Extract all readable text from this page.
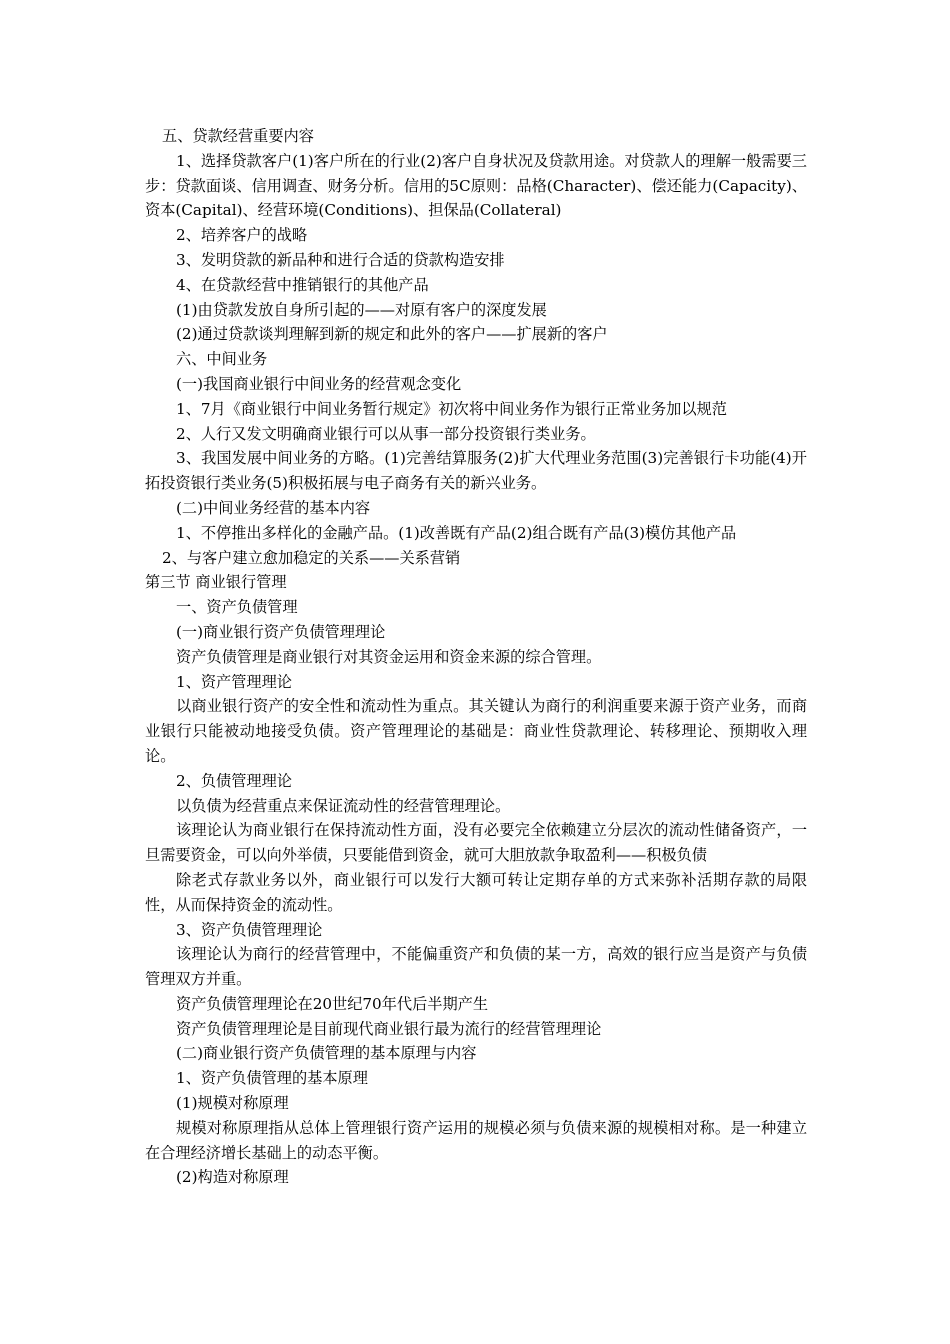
五、贷款经营重要内容

1、选择贷款客户(1)客户所在的行业(2)客户自身状况及贷款用途。对贷款人的理解一般需要三步：贷款面谈、信用调查、财务分析。信用的5C原则：品格(Character)、偿还能力(Capacity)、资本(Capital)、经营环境(Conditions)、担保品(Collateral)

2、培养客户的战略

3、发明贷款的新品种和进行合适的贷款构造安排

4、在贷款经营中推销银行的其他产品

(1)由贷款发放自身所引起的——对原有客户的深度发展

(2)通过贷款谈判理解到新的规定和此外的客户——扩展新的客户

六、中间业务

(一)我国商业银行中间业务的经营观念变化

1、7月《商业银行中间业务暂行规定》初次将中间业务作为银行正常业务加以规范

2、人行又发文明确商业银行可以从事一部分投资银行类业务。

3、我国发展中间业务的方略。(1)完善结算服务(2)扩大代理业务范围(3)完善银行卡功能(4)开拓投资银行类业务(5)积极拓展与电子商务有关的新兴业务。

(二)中间业务经营的基本内容

1、不停推出多样化的金融产品。(1)改善既有产品(2)组合既有产品(3)模仿其他产品

2、与客户建立愈加稳定的关系——关系营销

第三节 商业银行管理

一、资产负债管理

(一)商业银行资产负债管理理论

资产负债管理是商业银行对其资金运用和资金来源的综合管理。

1、资产管理理论

以商业银行资产的安全性和流动性为重点。其关键认为商行的利润重要来源于资产业务，而商业银行只能被动地接受负债。资产管理理论的基础是：商业性贷款理论、转移理论、预期收入理论。

2、负债管理理论

以负债为经营重点来保证流动性的经营管理理论。

该理论认为商业银行在保持流动性方面，没有必要完全依赖建立分层次的流动性储备资产，一旦需要资金，可以向外举债，只要能借到资金，就可大胆放款争取盈利——积极负债

除老式存款业务以外，商业银行可以发行大额可转让定期存单的方式来弥补活期存款的局限性，从而保持资金的流动性。

3、资产负债管理理论

该理论认为商行的经营管理中，不能偏重资产和负债的某一方，高效的银行应当是资产与负债管理双方并重。

资产负债管理理论在20世纪70年代后半期产生

资产负债管理理论是目前现代商业银行最为流行的经营管理理论

(二)商业银行资产负债管理的基本原理与内容

1、资产负债管理的基本原理

(1)规模对称原理

规模对称原理指从总体上管理银行资产运用的规模必须与负债来源的规模相对称。是一种建立在合理经济增长基础上的动态平衡。

(2)构造对称原理
